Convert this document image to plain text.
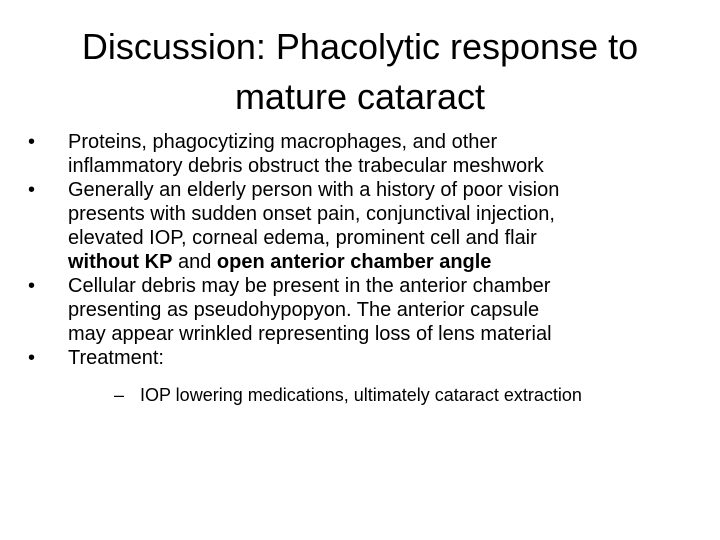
Discussion: Phacolytic response to
mature cataract
•	Proteins, phagocytizing macrophages, and other
inflammatory debris obstruct the trabecular meshwork
•	Generally an elderly person with a history of poor vision
presents with sudden onset pain, conjunctival injection,
elevated IOP, corneal edema, prominent cell and flair
without KP and open anterior chamber angle
•	Cellular debris may be present in the anterior chamber
presenting as pseudohypopyon. The anterior capsule
may appear wrinkled representing loss of lens material
•	Treatment:
– IOP lowering medications, ultimately cataract extraction
